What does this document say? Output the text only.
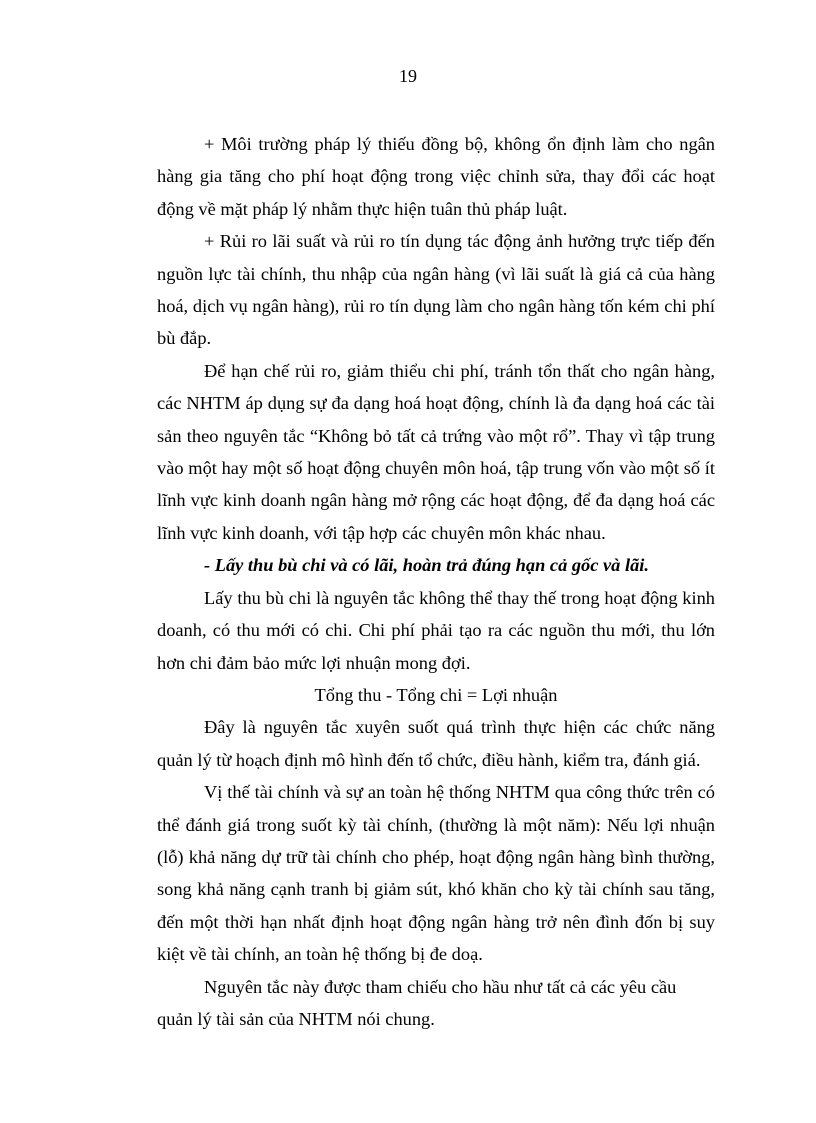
19

+ Môi trường pháp lý thiếu đồng bộ, không ổn định làm cho ngân hàng gia tăng cho phí hoạt động trong việc chỉnh sửa, thay đổi các hoạt động về mặt pháp lý nhằm thực hiện tuân thủ pháp luật.

+ Rủi ro lãi suất và rủi ro tín dụng tác động ảnh hưởng trực tiếp đến nguồn lực tài chính, thu nhập của ngân hàng (vì lãi suất là giá cả của hàng hoá, dịch vụ ngân hàng), rủi ro tín dụng làm cho ngân hàng tốn kém chi phí bù đắp.

Để hạn chế rủi ro, giảm thiểu chi phí, tránh tổn thất cho ngân hàng, các NHTM áp dụng sự đa dạng hoá hoạt động, chính là đa dạng hoá các tài sản theo nguyên tắc “Không bỏ tất cả trứng vào một rổ”. Thay vì tập trung vào một hay một số hoạt động chuyên môn hoá, tập trung vốn vào một số ít lĩnh vực kinh doanh ngân hàng mở rộng các hoạt động, để đa dạng hoá các lĩnh vực kinh doanh, với tập hợp các chuyên môn khác nhau.

- Lấy thu bù chi và có lãi, hoàn trả đúng hạn cả gốc và lãi.

Lấy thu bù chi là nguyên tắc không thể thay thế trong hoạt động kinh doanh, có thu mới có chi. Chi phí phải tạo ra các nguồn thu mới, thu lớn hơn chi đảm bảo mức lợi nhuận mong đợi.

Tổng thu - Tổng chi = Lợi nhuận

Đây là nguyên tắc xuyên suốt quá trình thực hiện các chức năng quản lý từ hoạch định mô hình đến tổ chức, điều hành, kiểm tra, đánh giá.

Vị thế tài chính và sự an toàn hệ thống NHTM qua công thức trên có thể đánh giá trong suốt kỳ tài chính, (thường là một năm): Nếu lợi nhuận (lỗ) khả năng dự trữ tài chính cho phép, hoạt động ngân hàng bình thường, song khả năng cạnh tranh bị giảm sút, khó khăn cho kỳ tài chính sau tăng, đến một thời hạn nhất định hoạt động ngân hàng trở nên đình đốn bị suy kiệt về tài chính, an toàn hệ thống bị đe doạ.

Nguyên tắc này được tham chiếu cho hầu như tất cả các yêu cầu quản lý tài sản của NHTM nói chung.
